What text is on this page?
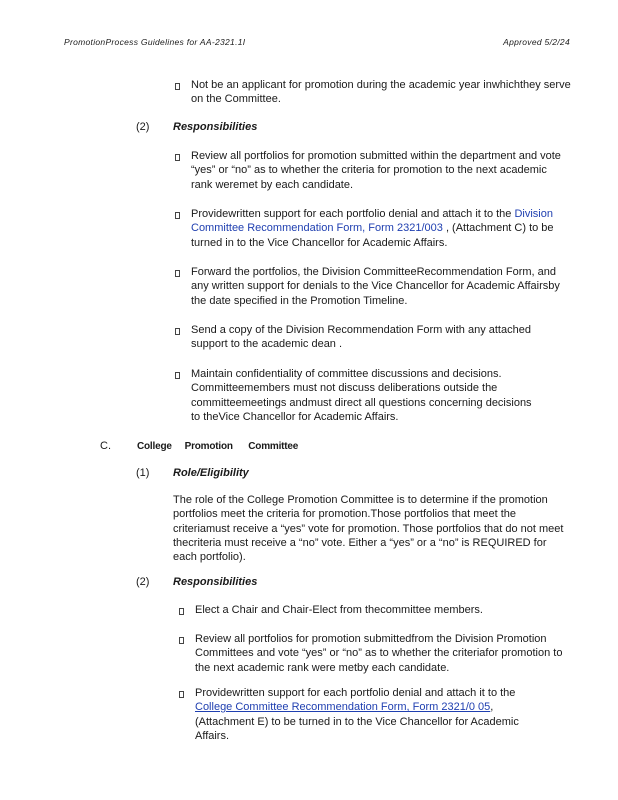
PromotionProcess Guidelines for AA-2321.1I	Approved 5/2/24
Not be an applicant for promotion during the academic year inwhichthey serve on the Committee.
(2) Responsibilities
Review all portfolios for promotion submitted within the department and vote “yes” or “no” as to whether the criteria for promotion to the next academic rank weremet by each candidate.
Providewritten support for each portfolio denial and attach it to the Division Committee Recommendation Form, Form 2321/003 , (Attachment C) to be turned in to the Vice Chancellor for Academic Affairs.
Forward the portfolios, the Division CommitteeRecommendation Form, and any written support for denials to the Vice Chancellor for Academic Affairsby the date specified in the Promotion Timeline.
Send a copy of the Division Recommendation Form with any attached support to the academic dean .
Maintain confidentiality of committee discussions and decisions. Committeemembers must not discuss deliberations outside the committeemeetings andmust direct all questions concerning decisions to theVice Chancellor for Academic Affairs.
C.	College     Promotion      Committee
(1) Role/Eligibility
The role of the College Promotion Committee is to determine if the promotion portfolios meet the criteria for promotion.Those portfolios that meet the criteriamust receive a “yes” vote for promotion. Those portfolios that do not meet thecriteria must receive a “no” vote. Either a “yes” or a “no” is REQUIRED for each portfolio).
(2) Responsibilities
Elect a Chair and Chair-Elect from thecommittee members.
Review all portfolios for promotion submittedfrom the Division Promotion Committees and vote “yes” or “no” as to whether the criteriafor promotion to the next academic rank were metby each candidate.
Providewritten support for each portfolio denial and attach it to the College Committee Recommendation Form, Form 2321/0 05, (Attachment E) to be turned in to the Vice Chancellor for Academic Affairs.
